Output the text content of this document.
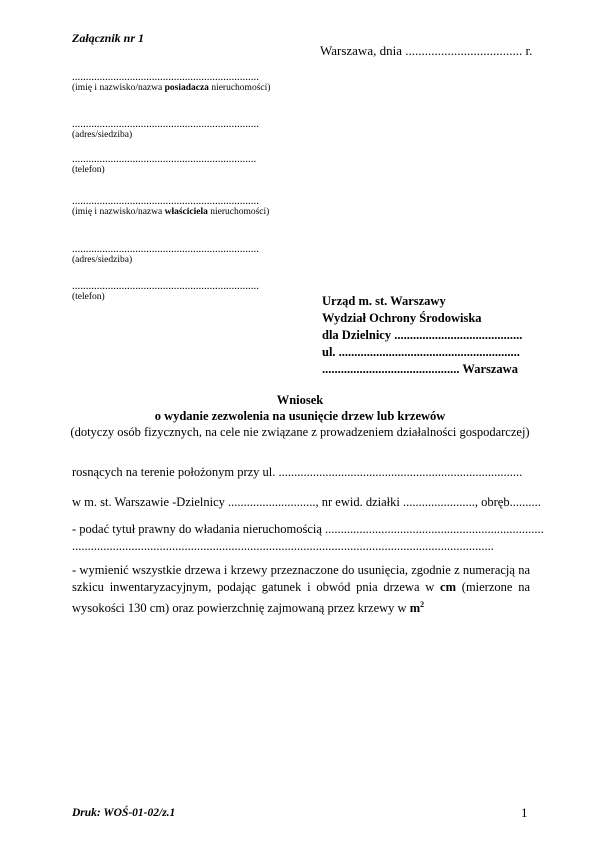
Załącznik nr 1
Warszawa, dnia .................................... r.
....................................................................
(imię i nazwisko/nazwa posiadacza nieruchomości)
....................................................................
(adres/siedziba)
...................................................................
(telefon)
....................................................................
(imię i nazwisko/nazwa właściciela nieruchomości)
....................................................................
(adres/siedziba)
....................................................................
(telefon)	Urząd m. st. Warszawy
Wydział Ochrony Środowiska
dla Dzielnicy .........................................
ul. ..........................................................
............................................ Warszawa
Wniosek
o wydanie zezwolenia na usunięcie drzew lub krzewów
(dotyczy osób fizycznych, na cele nie związane z prowadzeniem działalności gospodarczej)
rosnących na terenie położonym przy ul. ..............................................................................
w m. st. Warszawie -Dzielnicy ............................, nr ewid. działki ......................., obręb..........
- podać tytuł prawny do władania nieruchomością ......................................................................
.......................................................................................................................................
- wymienić wszystkie drzewa i krzewy przeznaczone do usunięcia, zgodnie z numeracją na szkicu inwentaryzacyjnym, podając gatunek i obwód pnia drzewa w cm (mierzone na wysokości 130 cm) oraz powierzchnię zajmowaną przez krzewy w $m^2$
Druk: WOŚ-01-02/z.1	1
